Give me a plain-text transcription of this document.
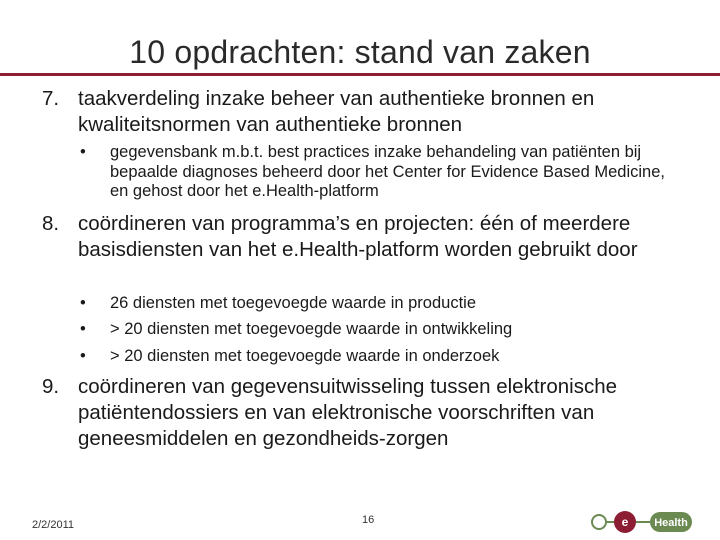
10 opdrachten: stand van zaken
7. taakverdeling inzake beheer van authentieke bronnen en kwaliteitsnormen van authentieke bronnen
• gegevensbank m.b.t. best practices inzake behandeling van patiënten bij bepaalde diagnoses beheerd door het Center for Evidence Based Medicine, en gehost door het e.Health-platform
8. coördineren van programma’s en projecten: één of meerdere basisdiensten van het e.Health-platform worden gebruikt door
• 26 diensten met toegevoegde waarde in productie
• > 20 diensten met toegevoegde waarde in ontwikkeling
• > 20 diensten met toegevoegde waarde in onderzoek
9. coördineren van gegevensuitwisseling tussen elektronische patiëntendossiers en van elektronische voorschriften van geneesmiddelen en gezondheids-zorgen
2/2/2011	16	e Health
